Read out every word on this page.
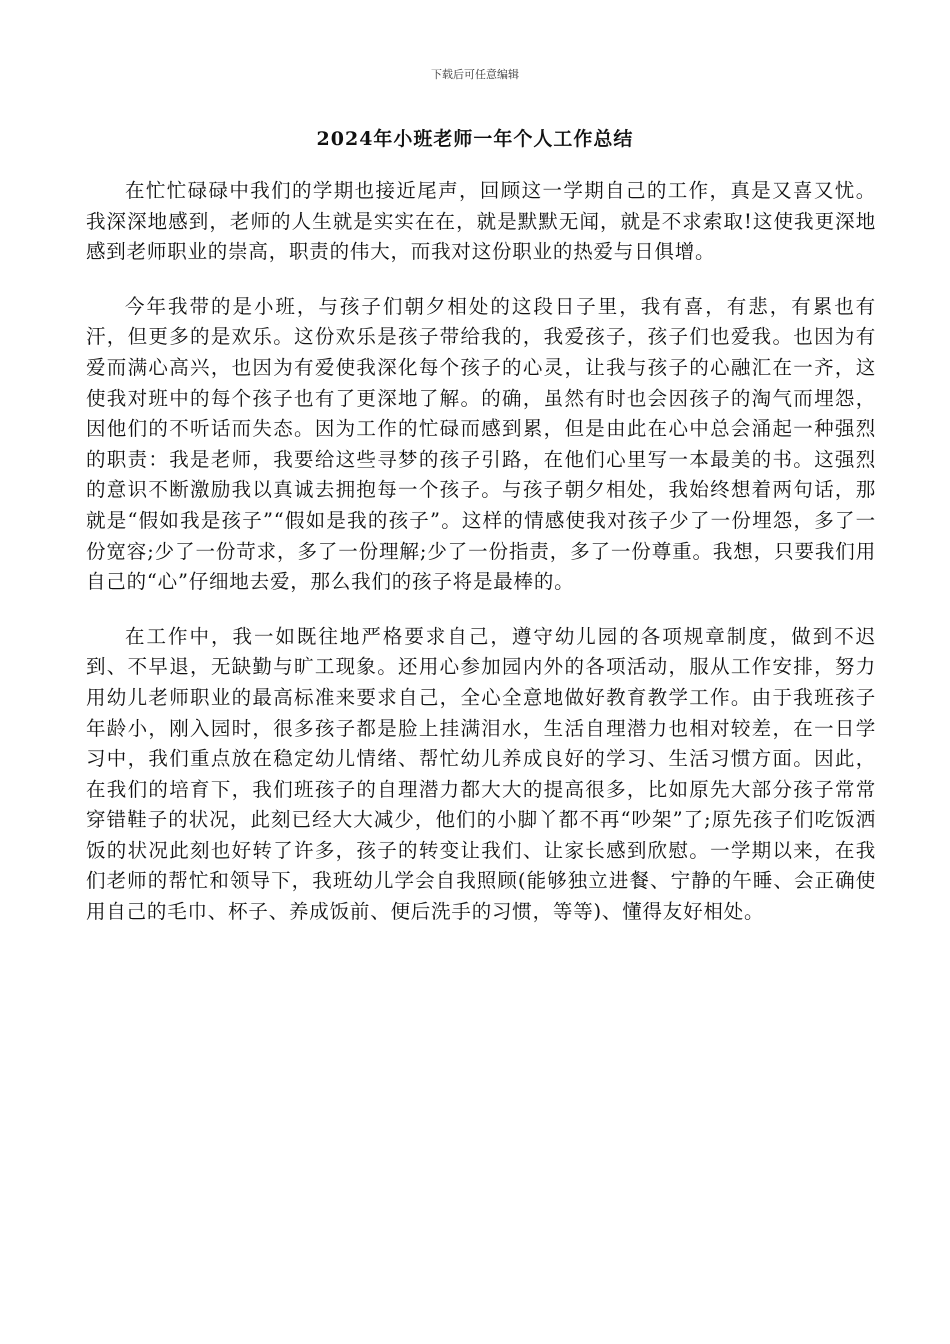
下载后可任意编辑
2024年小班老师一年个人工作总结

在忙忙碌碌中我们的学期也接近尾声，回顾这一学期自己的工作，真是又喜又忧。我深深地感到，老师的人生就是实实在在，就是默默无闻，就是不求索取!这使我更深地感到老师职业的崇高，职责的伟大，而我对这份职业的热爱与日俱增。

今年我带的是小班，与孩子们朝夕相处的这段日子里，我有喜，有悲，有累也有汗，但更多的是欢乐。这份欢乐是孩子带给我的，我爱孩子，孩子们也爱我。也因为有爱而满心高兴，也因为有爱使我深化每个孩子的心灵，让我与孩子的心融汇在一齐，这使我对班中的每个孩子也有了更深地了解。的确，虽然有时也会因孩子的淘气而埋怨，因他们的不听话而失态。因为工作的忙碌而感到累，但是由此在心中总会涌起一种强烈的职责：我是老师，我要给这些寻梦的孩子引路，在他们心里写一本最美的书。这强烈的意识不断激励我以真诚去拥抱每一个孩子。与孩子朝夕相处，我始终想着两句话，那就是“假如我是孩子”“假如是我的孩子”。这样的情感使我对孩子少了一份埋怨，多了一份宽容;少了一份苛求，多了一份理解;少了一份指责，多了一份尊重。我想，只要我们用自己的“心”仔细地去爱，那么我们的孩子将是最棒的。

在工作中，我一如既往地严格要求自己，遵守幼儿园的各项规章制度，做到不迟到、不早退，无缺勤与旷工现象。还用心参加园内外的各项活动，服从工作安排，努力用幼儿老师职业的最高标准来要求自己，全心全意地做好教育教学工作。由于我班孩子年龄小，刚入园时，很多孩子都是脸上挂满泪水，生活自理潜力也相对较差，在一日学习中，我们重点放在稳定幼儿情绪、帮忙幼儿养成良好的学习、生活习惯方面。因此，在我们的培育下，我们班孩子的自理潜力都大大的提高很多，比如原先大部分孩子常常穿错鞋子的状况，此刻已经大大减少，他们的小脚丫都不再“吵架”了;原先孩子们吃饭洒饭的状况此刻也好转了许多，孩子的转变让我们、让家长感到欣慰。一学期以来，在我们老师的帮忙和领导下，我班幼儿学会自我照顾(能够独立进餐、宁静的午睡、会正确使用自己的毛巾、杯子、养成饭前、便后洗手的习惯，等等)、懂得友好相处。
